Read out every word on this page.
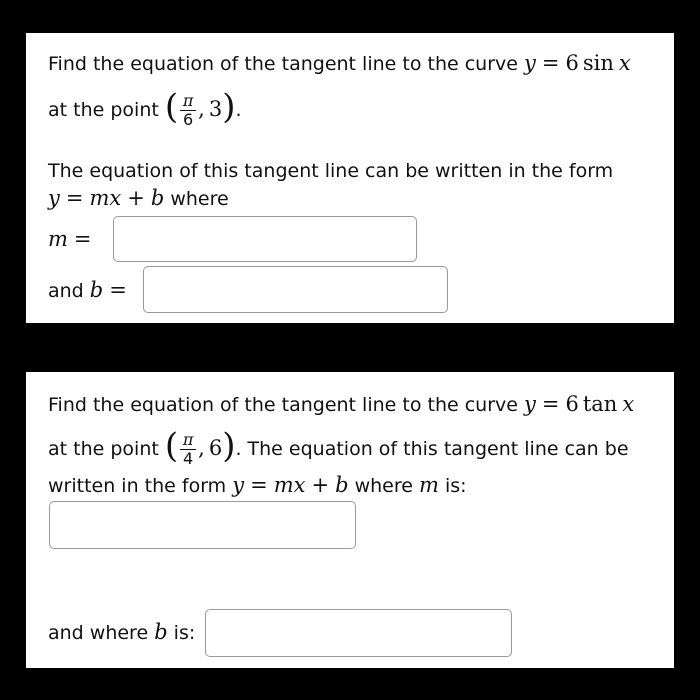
Find the equation of the tangent line to the curve y = 6 sin x
at the point ( $\frac{\pi}{6}$ , 3).
The equation of this tangent line can be written in the form
y = mx + b where
m =
and b =
Find the equation of the tangent line to the curve y = 6 tan x
at the point ( $\frac{\pi}{4}$ , 6). The equation of this tangent line can be
written in the form y = mx + b where m is:
and where b is:
